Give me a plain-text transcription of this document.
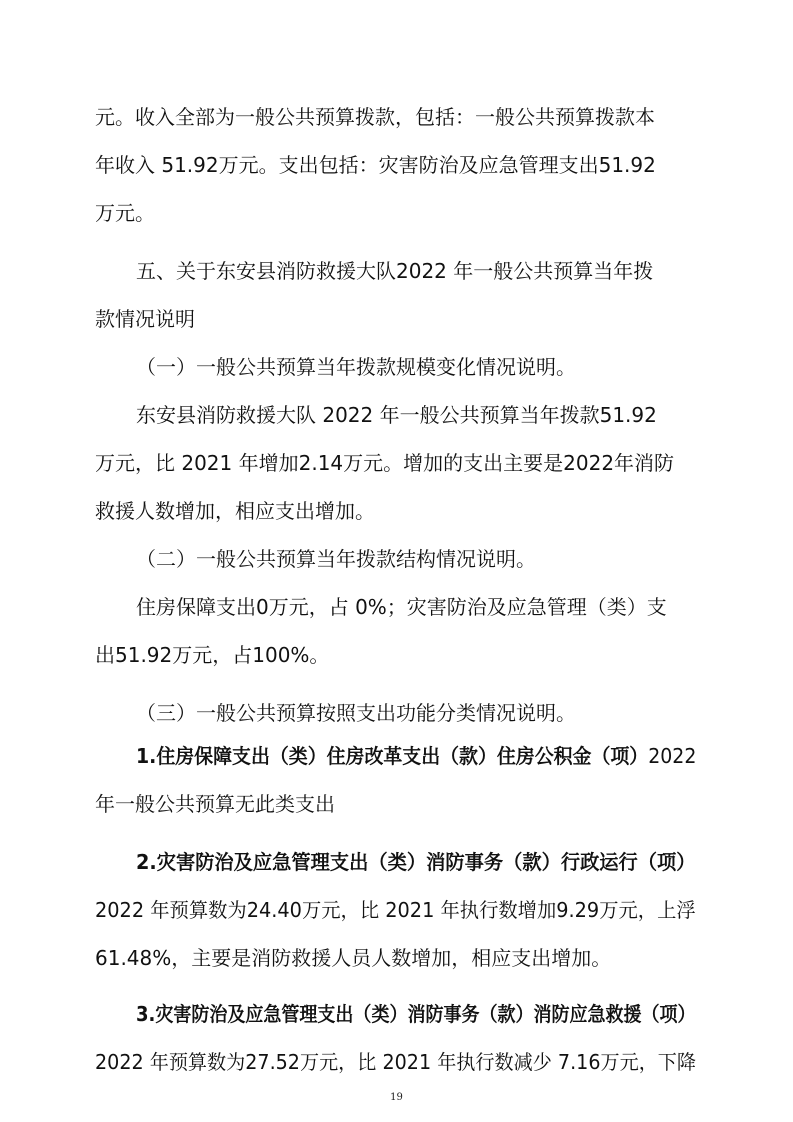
元。收入全部为一般公共预算拨款，包括：一般公共预算拨款本
年收入 51.92万元。支出包括：灾害防治及应急管理支出51.92
万元。
五、关于东安县消防救援大队2022 年一般公共预算当年拨
款情况说明
（一）一般公共预算当年拨款规模变化情况说明。
东安县消防救援大队 2022 年一般公共预算当年拨款51.92
万元，比 2021 年增加2.14万元。增加的支出主要是2022年消防
救援人数增加，相应支出增加。
（二）一般公共预算当年拨款结构情况说明。
住房保障支出0万元，占 0%；灾害防治及应急管理（类）支
出51.92万元，占100%。
（三）一般公共预算按照支出功能分类情况说明。
1.住房保障支出（类）住房改革支出（款）住房公积金（项）2022
年一般公共预算无此类支出
2.灾害防治及应急管理支出（类）消防事务（款）行政运行（项）
2022 年预算数为24.40万元，比 2021 年执行数增加9.29万元，上浮
61.48%，主要是消防救援人员人数增加，相应支出增加。
3.灾害防治及应急管理支出（类）消防事务（款）消防应急救援（项）
2022 年预算数为27.52万元，比 2021 年执行数减少 7.16万元，下降
19
